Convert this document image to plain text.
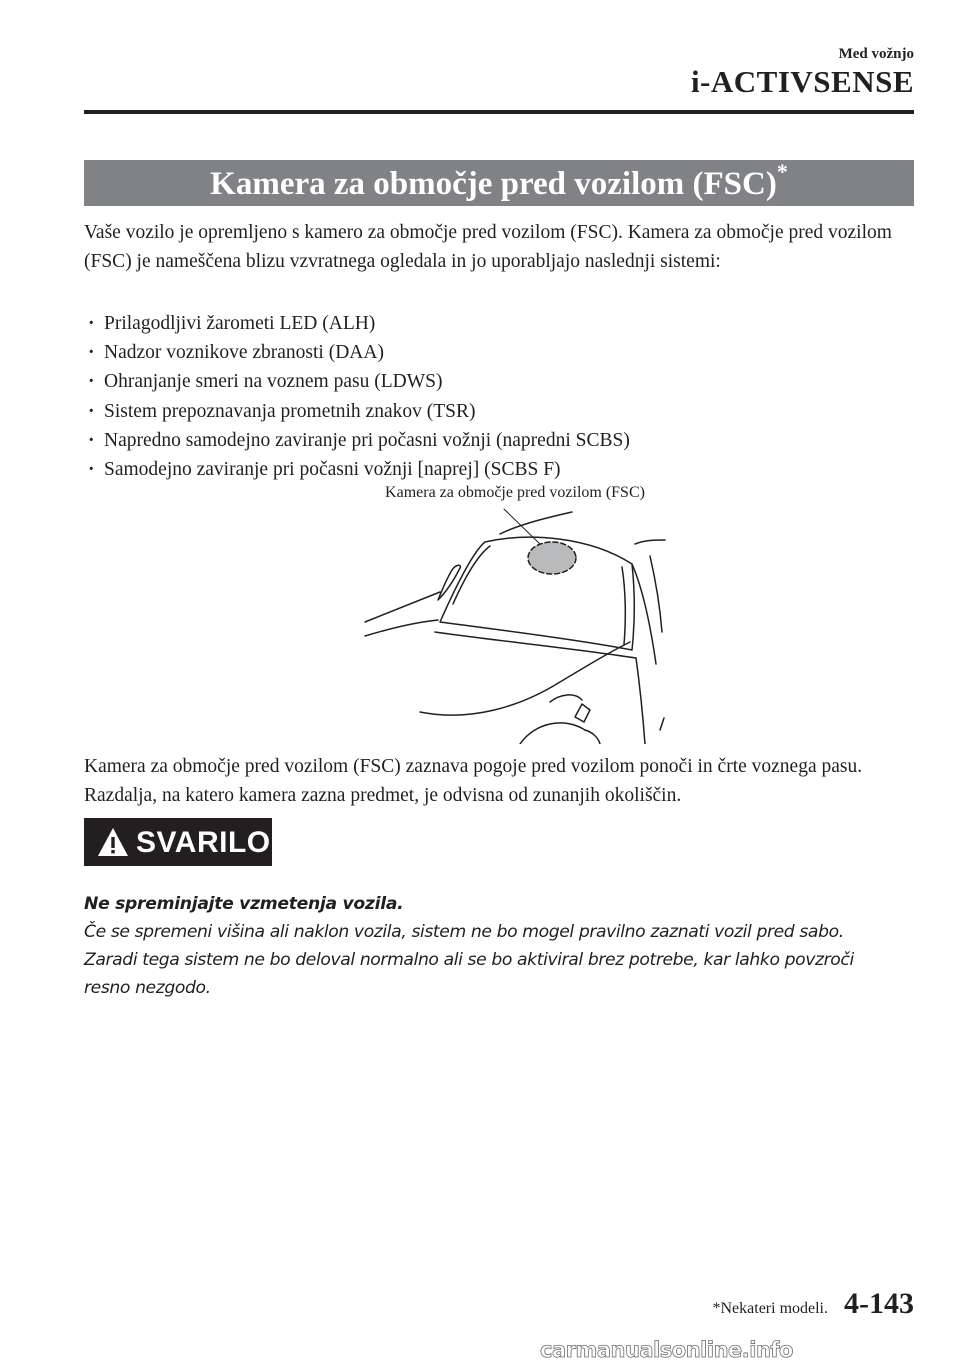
Med vožnjo
i-ACTIVSENSE
Kamera za območje pred vozilom (FSC)*
Vaše vozilo je opremljeno s kamero za območje pred vozilom (FSC). Kamera za območje pred vozilom (FSC) je nameščena blizu vzvratnega ogledala in jo uporabljajo naslednji sistemi:
· Prilagodljivi žarometi LED (ALH)
· Nadzor voznikove zbranosti (DAA)
· Ohranjanje smeri na voznem pasu (LDWS)
· Sistem prepoznavanja prometnih znakov (TSR)
· Napredno samodejno zaviranje pri počasni vožnji (napredni SCBS)
· Samodejno zaviranje pri počasni vožnji [naprej] (SCBS F)
Kamera za območje pred vozilom (FSC)
Kamera za območje pred vozilom (FSC) zaznava pogoje pred vozilom ponoči in črte voznega pasu. Razdalja, na katero kamera zazna predmet, je odvisna od zunanjih okoliščin.
SVARILO
Ne spreminjajte vzmetenja vozila.
Če se spremeni višina ali naklon vozila, sistem ne bo mogel pravilno zaznati vozil pred sabo.
Zaradi tega sistem ne bo deloval normalno ali se bo aktiviral brez potrebe, kar lahko povzroči
resno nezgodo.
*Nekateri modeli. 4-143
carmanualsonline.info
